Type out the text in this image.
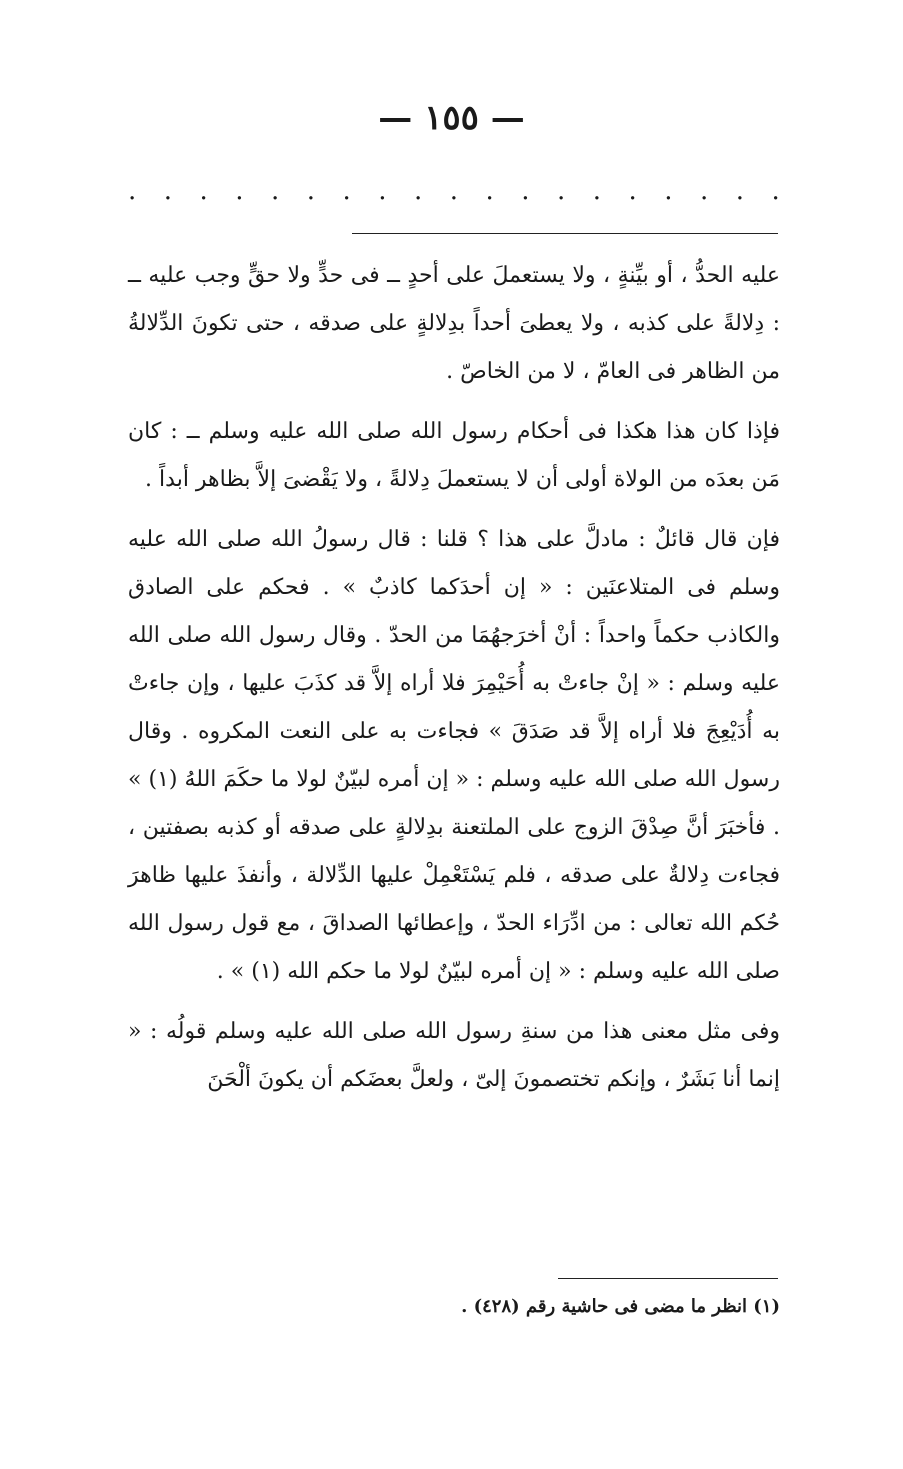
— ١٥٥ —
. . . . . . . . . . . . . . . . . . .

عليه الحدُّ ، أو بيِّنةٍ ، ولا يستعملَ على أحدٍ ــ فى حدٍّ ولا حقٍّ وجب عليه ــ : دِلالةً على كذبه ، ولا يعطىَ أحداً بدِلالةٍ على صدقه ، حتى تكونَ الدِّلالةُ من الظاهر فى العامّ ، لا من الخاصّ .

فإذا كان هذا هكذا فى أحكام رسول الله صلى الله عليه وسلم ــ : كان مَن بعدَه من الولاة أولى أن لا يستعملَ دِلالةً ، ولا يَقْضىَ إلاَّ بظاهر أبداً .

فإن قال قائلٌ : مادلَّ على هذا ؟ قلنا : قال رسولُ الله صلى الله عليه وسلم فى المتلاعنَين : « إن أحدَكما كاذبٌ » . فحكم على الصادق والكاذب حكماً واحداً : أنْ أخرَجهُمَا من الحدّ . وقال رسول الله صلى الله عليه وسلم : « إنْ جاءتْ به أُحَيْمِرَ فلا أراه إلاَّ قد كذَبَ عليها ، وإن جاءتْ به أُدَيْعِجَ فلا أراه إلاَّ قد صَدَقَ » فجاءت به على النعت المكروه . وقال رسول الله صلى الله عليه وسلم : « إن أمره لبيّنٌ لولا ما حكَمَ اللهُ (١) » . فأخبَرَ أنَّ صِدْقَ الزوج على الملتعنة بدِلالةٍ على صدقه أو كذبه بصفتين ، فجاءت دِلالةٌ على صدقه ، فلم يَسْتَعْمِلْ عليها الدِّلالة ، وأنفذَ عليها ظاهرَ حُكم الله تعالى : من ادِّرَاء الحدّ ، وإعطائها الصداقَ ، مع قول رسول الله صلى الله عليه وسلم : « إن أمره لبيّنٌ لولا ما حكم الله (١) » .

وفى مثل معنى هذا من سنةِ رسول الله صلى الله عليه وسلم قولُه : « إنما أنا بَشَرٌ ، وإنكم تختصمونَ إلىّ ، ولعلَّ بعضَكم أن يكونَ ألْحَنَ

(١) انظر ما مضى فى حاشية رقم (٤٢٨) .
